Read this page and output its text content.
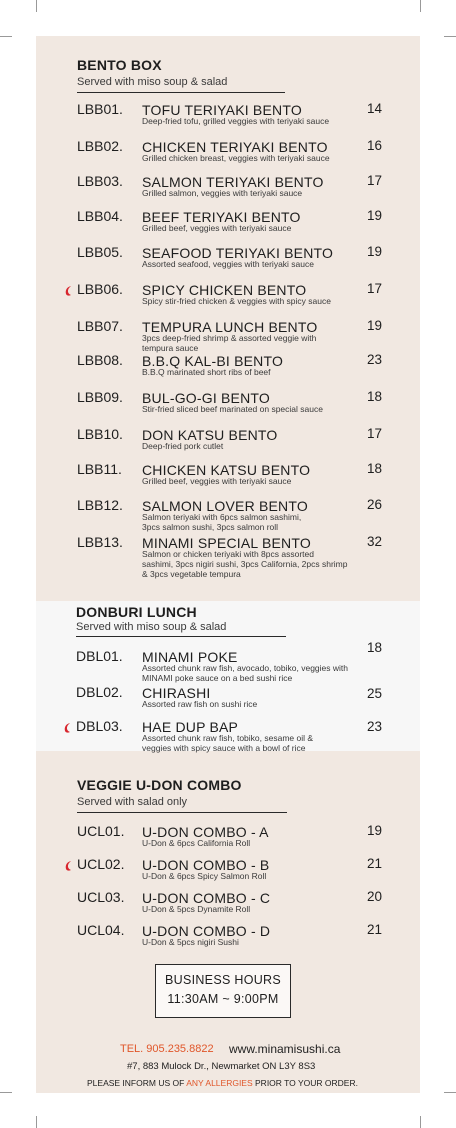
BENTO BOX
Served with miso soup & salad
LBB01. TOFU TERIYAKI BENTO
Deep-fried tofu, grilled veggies with teriyaki sauce
14
LBB02. CHICKEN TERIYAKI BENTO
Grilled chicken breast, veggies with teriyaki sauce
16
LBB03. SALMON TERIYAKI BENTO
Grilled salmon, veggies with teriyaki sauce
17
LBB04. BEEF TERIYAKI BENTO
Grilled beef, veggies with teriyaki sauce
19
LBB05. SEAFOOD TERIYAKI BENTO
Assorted seafood, veggies with teriyaki sauce
19
LBB06. SPICY CHICKEN BENTO
Spicy stir-fried chicken & veggies with spicy sauce
17
LBB07. TEMPURA LUNCH BENTO
3pcs deep-fried shrimp & assorted veggie with
tempura sauce
19
LBB08. B.B.Q KAL-BI BENTO
B.B.Q marinated short ribs of beef
23
LBB09. BUL-GO-GI BENTO
Stir-fried sliced beef marinated on special sauce
18
LBB10. DON KATSU BENTO
Deep-fried pork cutlet
17
LBB11. CHICKEN KATSU BENTO
Grilled beef, veggies with teriyaki sauce
18
LBB12. SALMON LOVER BENTO
Salmon teriyaki with 6pcs salmon sashimi,
3pcs salmon sushi, 3pcs salmon roll
26
LBB13. MINAMI SPECIAL BENTO
Salmon or chicken teriyaki with 8pcs assorted
sashimi, 3pcs nigiri sushi, 3pcs California, 2pcs shrimp
& 3pcs vegetable tempura
32
DONBURI LUNCH
Served with miso soup & salad
DBL01. MINAMI POKE
Assorted chunk raw fish, avocado, tobiko, veggies with
MINAMI poke sauce on a bed sushi rice
18
DBL02. CHIRASHI
Assorted raw fish on sushi rice
25
DBL03. HAE DUP BAP
Assorted chunk raw fish, tobiko, sesame oil &
veggies with spicy sauce with a bowl of rice
23
VEGGIE U-DON COMBO
Served with salad only
UCL01. U-DON COMBO - A
U-Don & 6pcs California Roll
19
UCL02. U-DON COMBO - B
U-Don & 6pcs Spicy Salmon Roll
21
UCL03. U-DON COMBO - C
U-Don & 5pcs Dynamite Roll
20
UCL04. U-DON COMBO - D
U-Don & 5pcs nigiri Sushi
21
BUSINESS HOURS
11:30AM ~ 9:00PM
TEL. 905.235.8822 www.minamisushi.ca
#7, 883 Mulock Dr., Newmarket ON L3Y 8S3
PLEASE INFORM US OF ANY ALLERGIES PRIOR TO YOUR ORDER.
